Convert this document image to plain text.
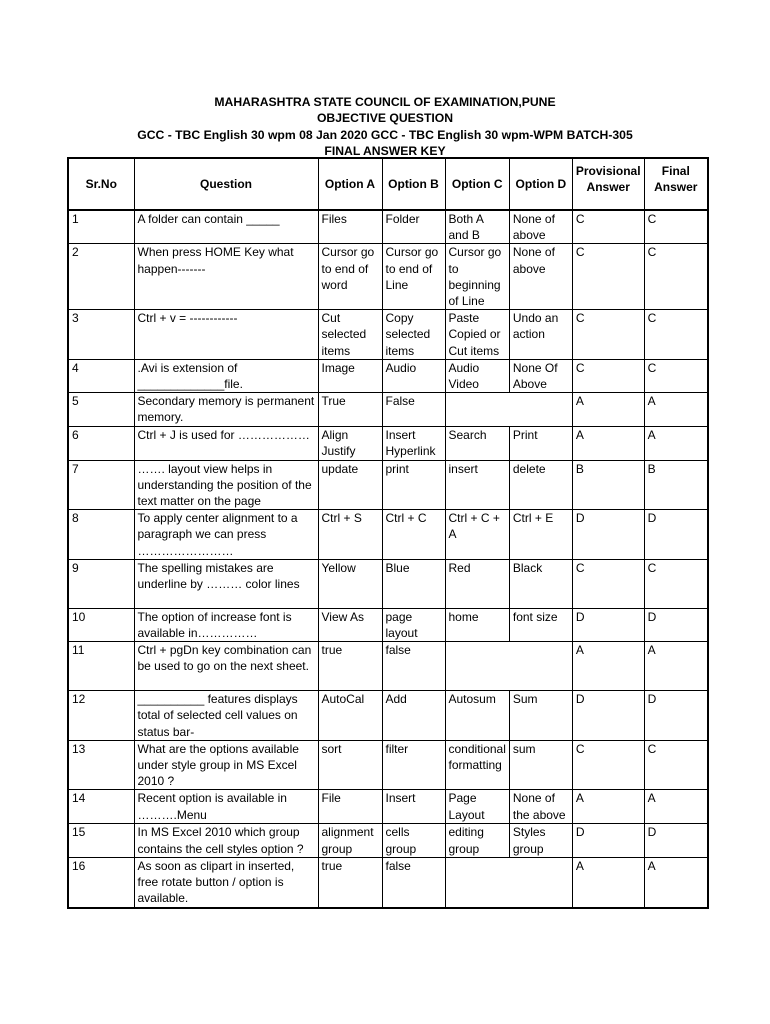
MAHARASHTRA STATE COUNCIL OF EXAMINATION,PUNE
OBJECTIVE QUESTION
GCC - TBC English 30 wpm 08 Jan 2020 GCC - TBC English 30 wpm-WPM BATCH-305
FINAL ANSWER KEY
Sr.No	Question	Option A	Option B	Option C	Option D	Provisional Answer	Final Answer
1	A folder can contain _____	Files	Folder	Both A and B	None of above	C	C
2	When press HOME Key what happen-------	Cursor go to end of word	Cursor go to end of Line	Cursor go to beginning of Line	None of above	C	C
3	Ctrl + v = ------------	Cut selected items	Copy selected items	Paste Copied or Cut items	Undo an action	C	C
4	.Avi is extension of _____________file.	Image	Audio	Audio Video	None Of Above	C	C
5	Secondary memory is permanent memory.	True	False			A	A
6	Ctrl + J is used for ………………	Align Justify	Insert Hyperlink	Search	Print	A	A
7	……. layout view helps in understanding the position of the text matter on the page	update	print	insert	delete	B	B
8	To apply center alignment to a paragraph we can press ……………………	Ctrl + S	Ctrl + C	Ctrl + C + A	Ctrl + E	D	D
9	The spelling mistakes are underline by ……… color lines	Yellow	Blue	Red	Black	C	C
10	The option of increase font is available in……………	View As	page layout	home	font size	D	D
11	Ctrl + pgDn key combination can be used to go on the next sheet.	true	false			A	A
12	__________ features displays total of selected cell values on status bar-	AutoCal	Add	Autosum	Sum	D	D
13	What are the options available under style group in MS Excel 2010 ?	sort	filter	conditional formatting	sum	C	C
14	Recent option is available in ……….Menu	File	Insert	Page Layout	None of the above	A	A
15	In MS Excel 2010 which group contains the cell styles option ?	alignment group	cells group	editing group	Styles group	D	D
16	As soon as clipart in inserted, free rotate button / option is available.	true	false			A	A
